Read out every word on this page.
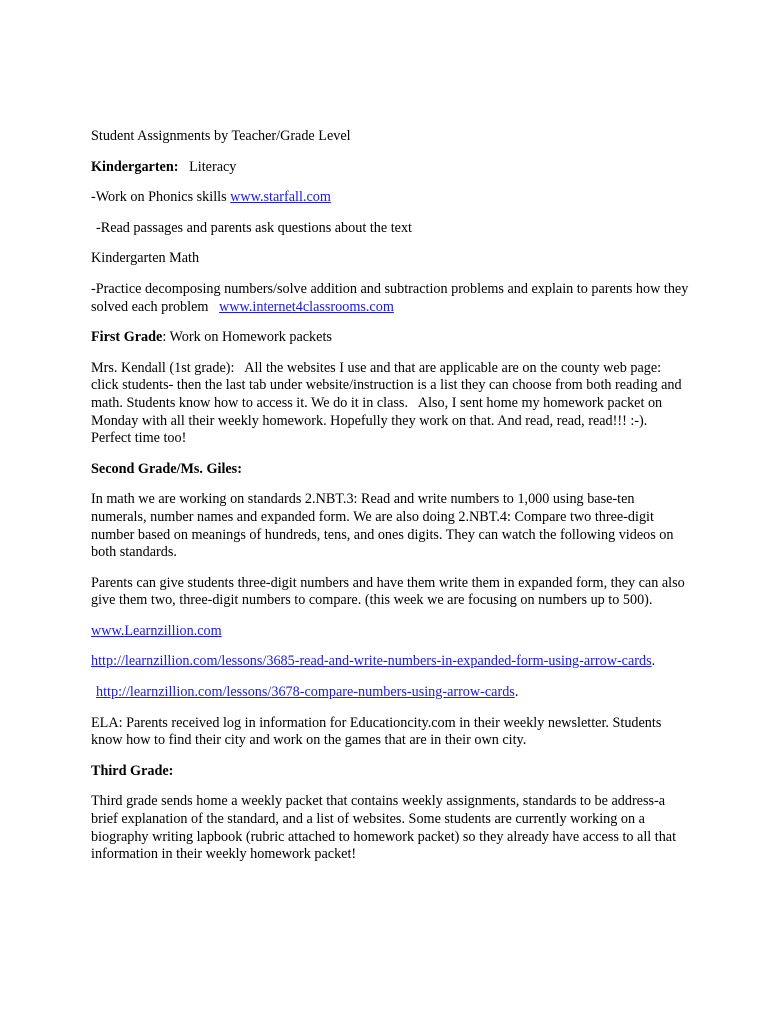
Student Assignments by Teacher/Grade Level

Kindergarten: Literacy

-Work on Phonics skills www.starfall.com

-Read passages and parents ask questions about the text

Kindergarten Math

-Practice decomposing numbers/solve addition and subtraction problems and explain to parents how they solved each problem   www.internet4classrooms.com

First Grade: Work on Homework packets

Mrs. Kendall (1st grade):   All the websites I use and that are applicable are on the county web page: click students- then the last tab under website/instruction is a list they can choose from both reading and math. Students know how to access it. We do it in class.   Also, I sent home my homework packet on Monday with all their weekly homework. Hopefully they work on that. And read, read, read!!! :-). Perfect time too!

Second Grade/Ms. Giles:

In math we are working on standards 2.NBT.3: Read and write numbers to 1,000 using base-ten numerals, number names and expanded form. We are also doing 2.NBT.4: Compare two three-digit number based on meanings of hundreds, tens, and ones digits. They can watch the following videos on both standards.

Parents can give students three-digit numbers and have them write them in expanded form, they can also give them two, three-digit numbers to compare. (this week we are focusing on numbers up to 500).

www.Learnzillion.com

http://learnzillion.com/lessons/3685-read-and-write-numbers-in-expanded-form-using-arrow-cards.

http://learnzillion.com/lessons/3678-compare-numbers-using-arrow-cards.

ELA: Parents received log in information for Educationcity.com in their weekly newsletter. Students know how to find their city and work on the games that are in their own city.

Third Grade:

Third grade sends home a weekly packet that contains weekly assignments, standards to be address-a brief explanation of the standard, and a list of websites. Some students are currently working on a biography writing lapbook (rubric attached to homework packet) so they already have access to all that information in their weekly homework packet!
